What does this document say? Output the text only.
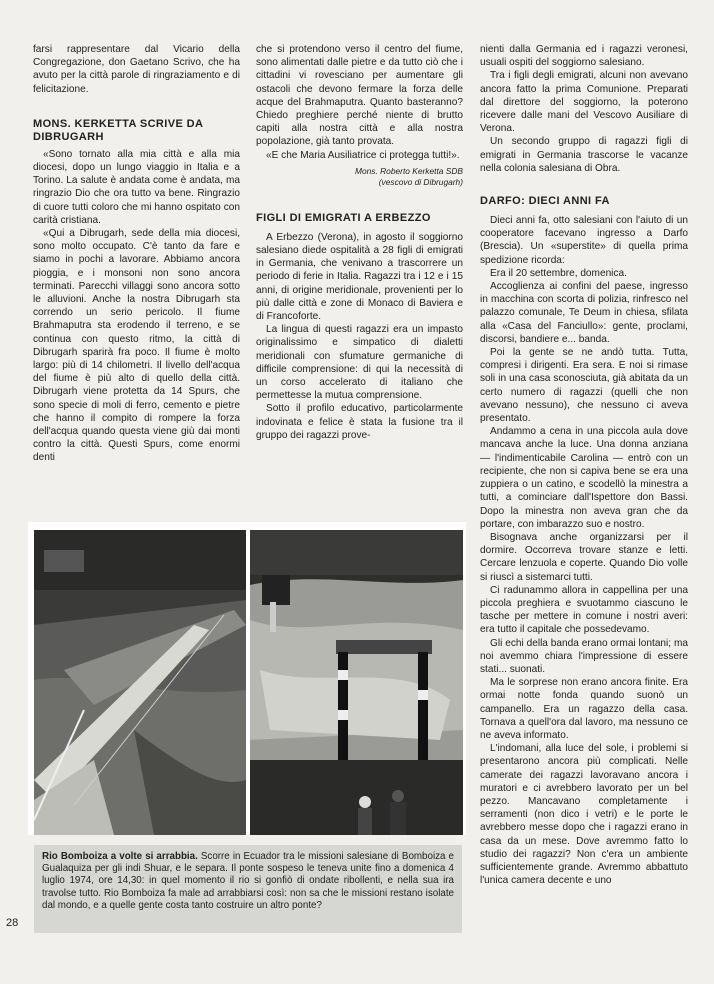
farsi rappresentare dal Vicario della Congregazione, don Gaetano Scrivo, che ha avuto per la città parole di ringraziamento e di felicitazione.

MONS. KERKETTA SCRIVE DA DIBRUGARH

«Sono tornato alla mia città e alla mia diocesi, dopo un lungo viaggio in Italia e a Torino. La salute è andata come è andata, ma ringrazio Dio che ora tutto va bene. Ringrazio di cuore tutti coloro che mi hanno ospitato con carità cristiana.

«Qui a Dibrugarh, sede della mia diocesi, sono molto occupato. C'è tanto da fare e siamo in pochi a lavorare. Abbiamo ancora pioggia, e i monsoni non sono ancora terminati. Parecchi villaggi sono ancora sotto le alluvioni. Anche la nostra Dibrugarh sta correndo un serio pericolo. Il fiume Brahmaputra sta erodendo il terreno, e se continua con questo ritmo, la città di Dibrugarh sparirà fra poco. Il fiume è molto largo: più di 14 chilometri. Il livello dell'acqua del fiume è più alto di quello della città. Dibrugarh viene protetta da 14 Spurs, che sono specie di moli di ferro, cemento e pietre che hanno il compito di rompere la forza dell'acqua quando questa viene giù dai monti contro la città. Questi Spurs, come enormi denti

che si protendono verso il centro del fiume, sono alimentati dalle pietre e da tutto ciò che i cittadini vi rovesciano per aumentare gli ostacoli che devono fermare la forza delle acque del Brahmaputra. Quanto basteranno? Chiedo preghiere perché niente di brutto capiti alla nostra città e alla nostra popolazione, già tanto provata.

«E che Maria Ausiliatrice ci protegga tutti!».

Mons. Roberto Kerketta SDB
(vescovo di Dibrugarh)
FIGLI DI EMIGRATI A ERBEZZO

A Erbezzo (Verona), in agosto il soggiorno salesiano diede ospitalità a 28 figli di emigrati in Germania, che venivano a trascorrere un periodo di ferie in Italia. Ragazzi tra i 12 e i 15 anni, di origine meridionale, provenienti per lo più dalle città e zone di Monaco di Baviera e di Francoforte.

La lingua di questi ragazzi era un impasto originalissimo e simpatico di dialetti meridionali con sfumature germaniche di difficile comprensione: di qui la necessità di un corso accelerato di italiano che permettesse la mutua comprensione.

Sotto il profilo educativo, particolarmente indovinata e felice è stata la fusione tra il gruppo dei ragazzi prove-

nienti dalla Germania ed i ragazzi veronesi, usuali ospiti del soggiorno salesiano.

Tra i figli degli emigrati, alcuni non avevano ancora fatto la prima Comunione. Preparati dal direttore del soggiorno, la poterono ricevere dalle mani del Vescovo Ausiliare di Verona.

Un secondo gruppo di ragazzi figli di emigrati in Germania trascorse le vacanze nella colonia salesiana di Obra.

DARFO: DIECI ANNI FA

Dieci anni fa, otto salesiani con l'aiuto di un cooperatore facevano ingresso a Darfo (Brescia). Un «superstite» di quella prima spedizione ricorda:

Era il 20 settembre, domenica.

Accoglienza ai confini del paese, ingresso in macchina con scorta di polizia, rinfresco nel palazzo comunale, Te Deum in chiesa, sfilata alla «Casa del Fanciullo»: gente, proclami, discorsi, bandiere e... banda.

Poi la gente se ne andò tutta. Tutta, compresi i dirigenti. Era sera. E noi si rimase soli in una casa sconosciuta, già abitata da un certo numero di ragazzi (quelli che non avevano nessuno), che nessuno ci aveva presentato.

Andammo a cena in una piccola aula dove mancava anche la luce. Una donna anziana — l'indimenticabile Carolina — entrò con un recipiente, che non si capiva bene se era una zuppiera o un catino, e scodellò la minestra a tutti, a cominciare dall'Ispettore don Bassi. Dopo la minestra non aveva gran che da portare, con imbarazzo suo e nostro.

Bisognava anche organizzarsi per il dormire. Occorreva trovare stanze e letti. Cercare lenzuola e coperte. Quando Dio volle si riuscì a sistemarci tutti.

Ci radunammo allora in cappellina per una piccola preghiera e svuotammo ciascuno le tasche per mettere in comune i nostri averi: era tutto il capitale che possedevamo.

Gli echi della banda erano ormai lontani; ma noi avemmo chiara l'impressione di essere stati... suonati.

Ma le sorprese non erano ancora finite. Era ormai notte fonda quando suonò un campanello. Era un ragazzo della casa. Tornava a quell'ora dal lavoro, ma nessuno ce ne aveva informato.

L'indomani, alla luce del sole, i problemi si presentarono ancora più complicati. Nelle camerate dei ragazzi lavoravano ancora i muratori e ci avrebbero lavorato per un bel pezzo. Mancavano completamente i serramenti (non dico i vetri) e le porte le avrebbero messe dopo che i ragazzi erano in casa da un mese. Dove avremmo fatto lo studio dei ragazzi? Non c'era un ambiente sufficientemente grande. Avremmo abbattuto l'unica camera decente e uno

Rio Bomboiza a volte si arrabbia. Scorre in Ecuador tra le missioni salesiane di Bomboiza e Gualaquiza per gli indi Shuar, e le separa. Il ponte sospeso le teneva unite fino a domenica 4 luglio 1974, ore 14,30: in quel momento il rio si gonfiò di ondate ribollenti, e nella sua ira travolse tutto. Rio Bomboiza fa male ad arrabbiarsi così: non sa che le missioni restano isolate dal mondo, e a quelle gente costa tanto costruire un altro ponte?
28
